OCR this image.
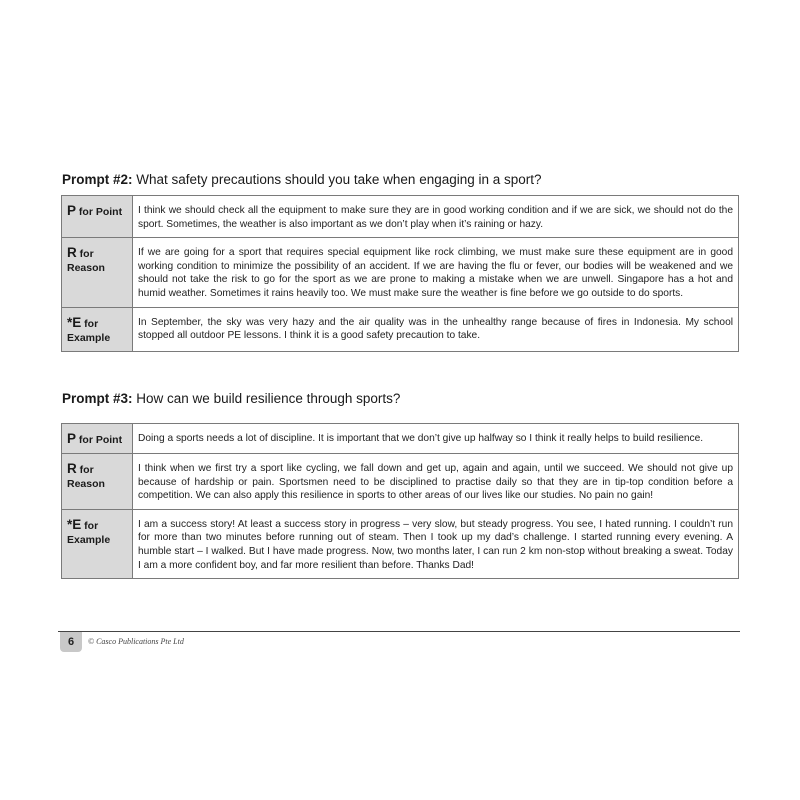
Prompt #2: What safety precautions should you take when engaging in a sport?
P for Point	I think we should check all the equipment to make sure they are in good working condition and if we are sick, we should not do the sport. Sometimes, the weather is also important as we don’t play when it’s raining or hazy.
R for
Reason	If we are going for a sport that requires special equipment like rock climbing, we must make sure these equipment are in good working condition to minimize the possibility of an accident. If we are having the flu or fever, our bodies will be weakened and we should not take the risk to go for the sport as we are prone to making a mistake when we are unwell. Singapore has a hot and humid weather. Sometimes it rains heavily too. We must make sure the weather is fine before we go outside to do sports.
*E for
Example	In September, the sky was very hazy and the air quality was in the unhealthy range because of fires in Indonesia. My school stopped all outdoor PE lessons. I think it is a good safety precaution to take.
Prompt #3: How can we build resilience through sports?
P for Point	Doing a sports needs a lot of discipline. It is important that we don’t give up halfway so I think it really helps to build resilience.
R for
Reason	I think when we first try a sport like cycling, we fall down and get up, again and again, until we succeed. We should not give up because of hardship or pain. Sportsmen need to be disciplined to practise daily so that they are in tip-top condition before a competition. We can also apply this resilience in sports to other areas of our lives like our studies. No pain no gain!
*E for
Example	I am a success story! At least a success story in progress – very slow, but steady progress. You see, I hated running. I couldn’t run for more than two minutes before running out of steam. Then I took up my dad’s challenge. I started running every evening. A humble start – I walked. But I have made progress. Now, two months later, I can run 2 km non-stop without breaking a sweat. Today I am a more confident boy, and far more resilient than before. Thanks Dad!
6	© Casco Publications Pte Ltd
